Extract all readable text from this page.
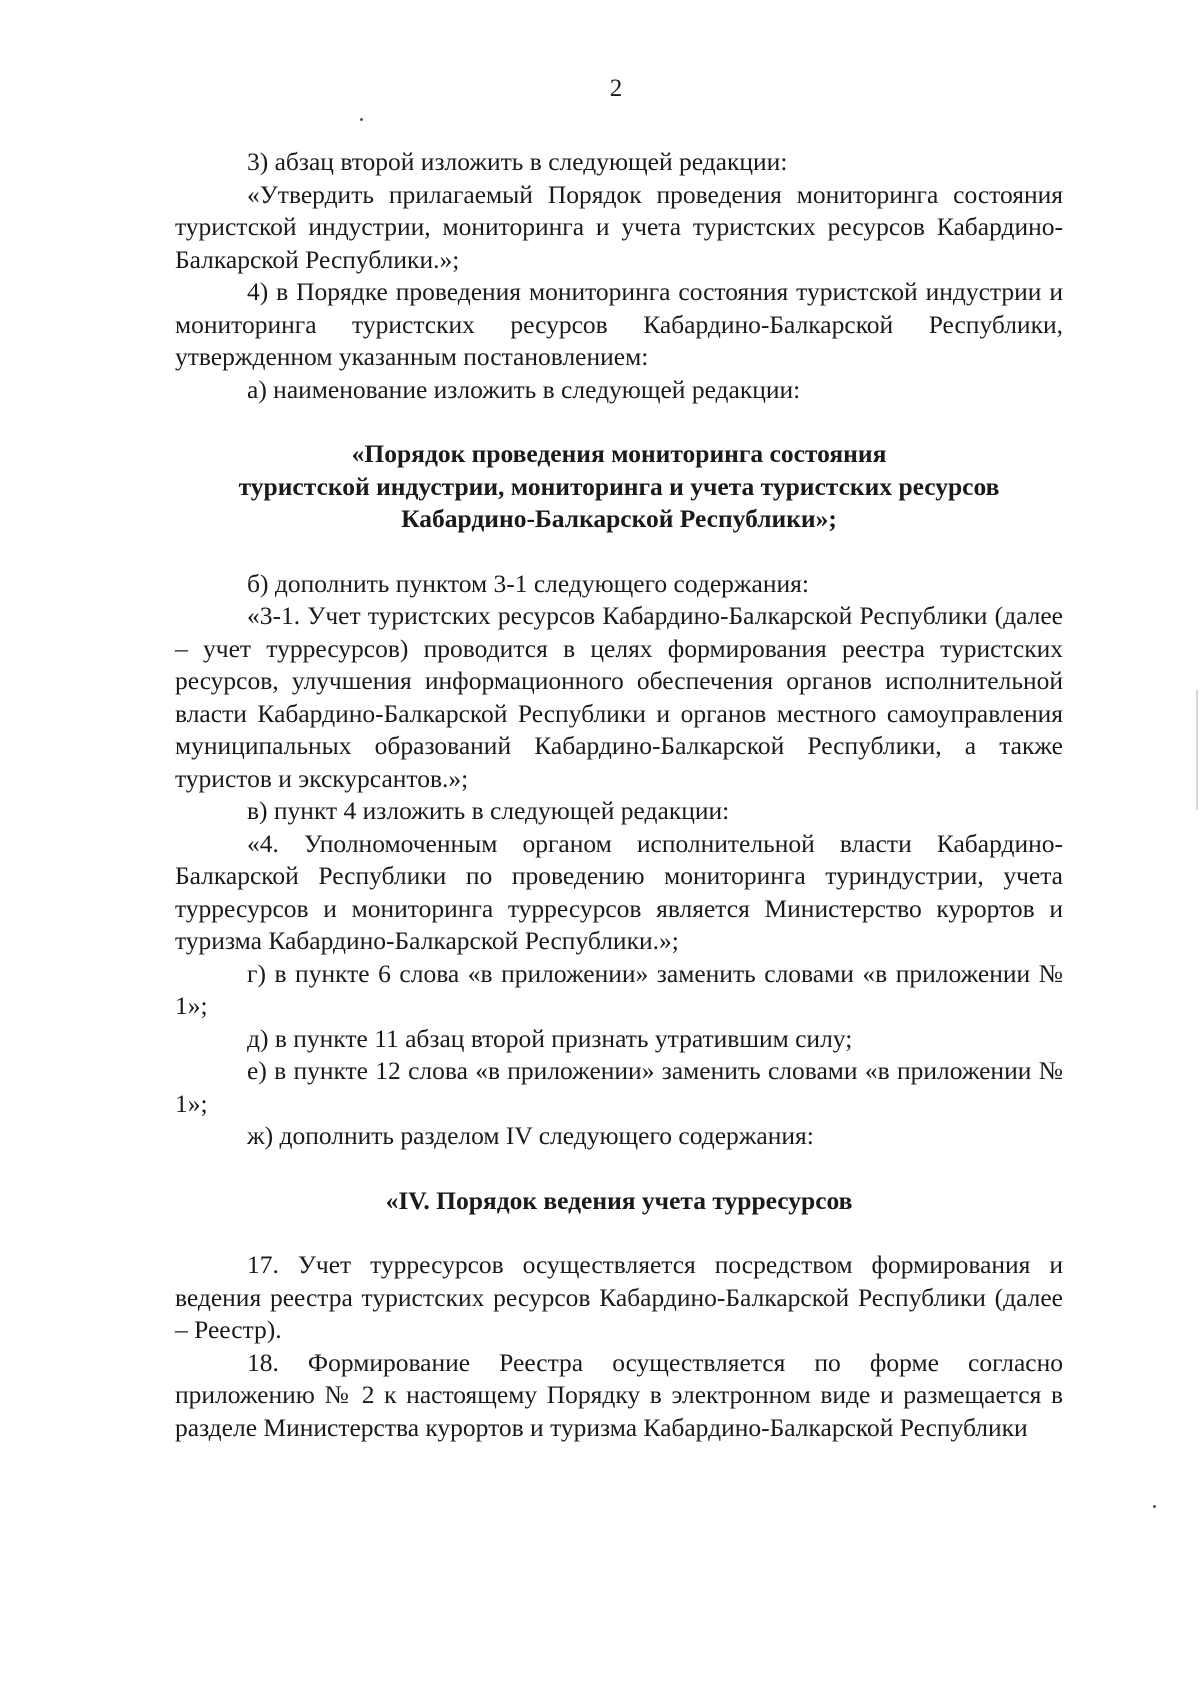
2

3) абзац второй изложить в следующей редакции:

«Утвердить прилагаемый Порядок проведения мониторинга состояния туристской индустрии, мониторинга и учета туристских ресурсов Кабардино-Балкарской Республики.»;

4) в Порядке проведения мониторинга состояния туристской индустрии и мониторинга туристских ресурсов Кабардино-Балкарской Республики, утвержденном указанным постановлением:

а) наименование изложить в следующей редакции:

«Порядок проведения мониторинга состояния
туристской индустрии, мониторинга и учета туристских ресурсов
Кабардино-Балкарской Республики»;

б) дополнить пунктом 3-1 следующего содержания:

«3-1. Учет туристских ресурсов Кабардино-Балкарской Республики (далее – учет турресурсов) проводится в целях формирования реестра туристских ресурсов, улучшения информационного обеспечения органов исполнительной власти Кабардино-Балкарской Республики и органов местного самоуправления муниципальных образований Кабардино-Балкарской Республики, а также туристов и экскурсантов.»;

в) пункт 4 изложить в следующей редакции:

«4. Уполномоченным органом исполнительной власти Кабардино-Балкарской Республики по проведению мониторинга туриндустрии, учета турресурсов и мониторинга турресурсов является Министерство курортов и туризма Кабардино-Балкарской Республики.»;

г) в пункте 6 слова «в приложении» заменить словами «в приложении № 1»;

д) в пункте 11 абзац второй признать утратившим силу;

е) в пункте 12 слова «в приложении» заменить словами «в приложении № 1»;

ж) дополнить разделом IV следующего содержания:

«IV. Порядок ведения учета турресурсов

17. Учет турресурсов осуществляется посредством формирования и ведения реестра туристских ресурсов Кабардино-Балкарской Республики (далее – Реестр).

18. Формирование Реестра осуществляется по форме согласно приложению № 2 к настоящему Порядку в электронном виде и размещается в разделе Министерства курортов и туризма Кабардино-Балкарской Республики
